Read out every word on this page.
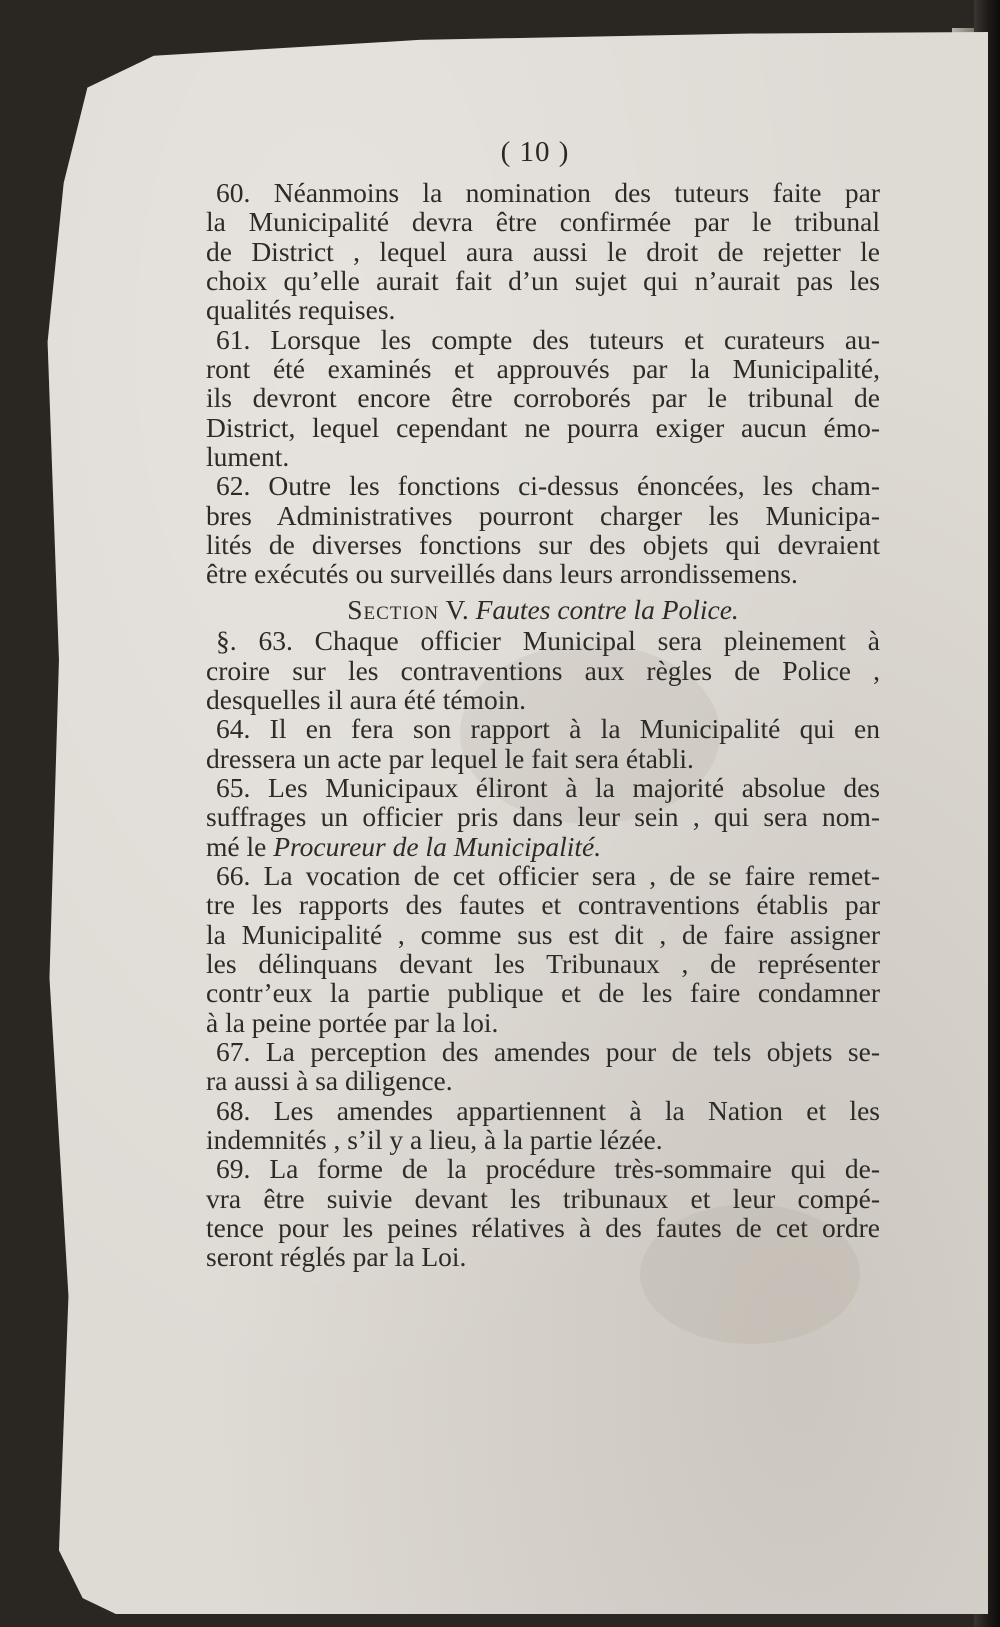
( 10 )
60. Néanmoins la nomination des tuteurs faite par
la Municipalité devra être confirmée par le tribunal
de District , lequel aura aussi le droit de rejetter le
choix qu’elle aurait fait d’un sujet qui n’aurait pas les
qualités requises.
61. Lorsque les compte des tuteurs et curateurs au-
ront été examinés et approuvés par la Municipalité,
ils devront encore être corroborés par le tribunal de
District, lequel cependant ne pourra exiger aucun émo-
lument.
62. Outre les fonctions ci-dessus énoncées, les cham-
bres Administratives pourront charger les Municipa-
lités de diverses fonctions sur des objets qui devraient
être exécutés ou surveillés dans leurs arrondissemens.

Section V. Fautes contre la Police.

§. 63. Chaque officier Municipal sera pleinement à
croire sur les contraventions aux règles de Police ,
desquelles il aura été témoin.
64. Il en fera son rapport à la Municipalité qui en
dressera un acte par lequel le fait sera établi.
65. Les Municipaux éliront à la majorité absolue des
suffrages un officier pris dans leur sein , qui sera nom-
mé le Procureur de la Municipalité.
66. La vocation de cet officier sera , de se faire remet-
tre les rapports des fautes et contraventions établis par
la Municipalité , comme sus est dit , de faire assigner
les délinquans devant les Tribunaux , de représenter
contr’eux la partie publique et de les faire condamner
à la peine portée par la loi.
67. La perception des amendes pour de tels objets se-
ra aussi à sa diligence.
68. Les amendes appartiennent à la Nation et les
indemnités , s’il y a lieu, à la partie lézée.
69. La forme de la procédure très-sommaire qui de-
vra être suivie devant les tribunaux et leur compé-
tence pour les peines rélatives à des fautes de cet ordre
seront réglés par la Loi.
